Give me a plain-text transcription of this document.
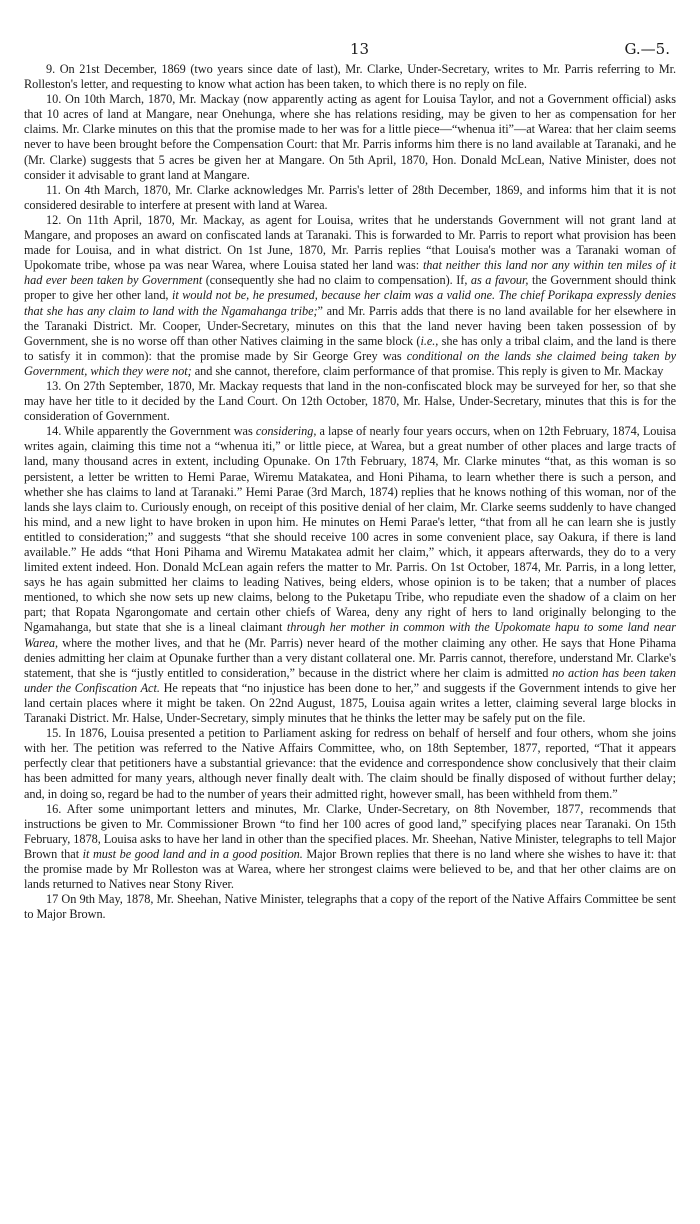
13	G.—5.

9. On 21st December, 1869 (two years since date of last), Mr. Clarke, Under-Secretary, writes to Mr. Parris referring to Mr. Rolleston's letter, and requesting to know what action has been taken, to which there is no reply on file.

10. On 10th March, 1870, Mr. Mackay (now apparently acting as agent for Louisa Taylor, and not a Government official) asks that 10 acres of land at Mangare, near Onehunga, where she has relations residing, may be given to her as compensation for her claims. Mr. Clarke minutes on this that the promise made to her was for a little piece—“whenua iti”—at Warea: that her claim seems never to have been brought before the Compensation Court: that Mr. Parris informs him there is no land available at Taranaki, and he (Mr. Clarke) suggests that 5 acres be given her at Mangare. On 5th April, 1870, Hon. Donald McLean, Native Minister, does not consider it advisable to grant land at Mangare.

11. On 4th March, 1870, Mr. Clarke acknowledges Mr. Parris's letter of 28th December, 1869, and informs him that it is not considered desirable to interfere at present with land at Warea.

12. On 11th April, 1870, Mr. Mackay, as agent for Louisa, writes that he understands Government will not grant land at Mangare, and proposes an award on confiscated lands at Taranaki. This is forwarded to Mr. Parris to report what provision has been made for Louisa, and in what district. On 1st June, 1870, Mr. Parris replies “that Louisa's mother was a Taranaki woman of Upokomate tribe, whose pa was near Warea, where Louisa stated her land was: that neither this land nor any within ten miles of it had ever been taken by Government (consequently she had no claim to compensation). If, as a favour, the Government should think proper to give her other land, it would not be, he presumed, because her claim was a valid one. The chief Porikapa expressly denies that she has any claim to land with the Ngamahanga tribe;” and Mr. Parris adds that there is no land available for her elsewhere in the Taranaki District. Mr. Cooper, Under-Secretary, minutes on this that the land never having been taken possession of by Government, she is no worse off than other Natives claiming in the same block (i.e., she has only a tribal claim, and the land is there to satisfy it in common): that the promise made by Sir George Grey was conditional on the lands she claimed being taken by Government, which they were not; and she cannot, therefore, claim performance of that promise. This reply is given to Mr. Mackay

13. On 27th September, 1870, Mr. Mackay requests that land in the non-confiscated block may be surveyed for her, so that she may have her title to it decided by the Land Court. On 12th October, 1870, Mr. Halse, Under-Secretary, minutes that this is for the consideration of Government.

14. While apparently the Government was considering, a lapse of nearly four years occurs, when on 12th February, 1874, Louisa writes again, claiming this time not a “whenua iti,” or little piece, at Warea, but a great number of other places and large tracts of land, many thousand acres in extent, including Opunake. On 17th February, 1874, Mr. Clarke minutes “that, as this woman is so persistent, a letter be written to Hemi Parae, Wiremu Matakatea, and Honi Pihama, to learn whether there is such a person, and whether she has claims to land at Taranaki.” Hemi Parae (3rd March, 1874) replies that he knows nothing of this woman, nor of the lands she lays claim to. Curiously enough, on receipt of this positive denial of her claim, Mr. Clarke seems suddenly to have changed his mind, and a new light to have broken in upon him. He minutes on Hemi Parae's letter, “that from all he can learn she is justly entitled to consideration;” and suggests “that she should receive 100 acres in some convenient place, say Oakura, if there is land available.” He adds “that Honi Pihama and Wiremu Matakatea admit her claim,” which, it appears afterwards, they do to a very limited extent indeed. Hon. Donald McLean again refers the matter to Mr. Parris. On 1st October, 1874, Mr. Parris, in a long letter, says he has again submitted her claims to leading Natives, being elders, whose opinion is to be taken; that a number of places mentioned, to which she now sets up new claims, belong to the Puketapu Tribe, who repudiate even the shadow of a claim on her part; that Ropata Ngarongomate and certain other chiefs of Warea, deny any right of hers to land originally belonging to the Ngamahanga, but state that she is a lineal claimant through her mother in common with the Upokomate hapu to some land near Warea, where the mother lives, and that he (Mr. Parris) never heard of the mother claiming any other. He says that Hone Pihama denies admitting her claim at Opunake further than a very distant collateral one. Mr. Parris cannot, therefore, understand Mr. Clarke's statement, that she is “justly entitled to consideration,” because in the district where her claim is admitted no action has been taken under the Confiscation Act. He repeats that “no injustice has been done to her,” and suggests if the Government intends to give her land certain places where it might be taken. On 22nd August, 1875, Louisa again writes a letter, claiming several large blocks in Taranaki District. Mr. Halse, Under-Secretary, simply minutes that he thinks the letter may be safely put on the file.

15. In 1876, Louisa presented a petition to Parliament asking for redress on behalf of herself and four others, whom she joins with her. The petition was referred to the Native Affairs Committee, who, on 18th September, 1877, reported, “That it appears perfectly clear that petitioners have a substantial grievance: that the evidence and correspondence show conclusively that their claim has been admitted for many years, although never finally dealt with. The claim should be finally disposed of without further delay; and, in doing so, regard be had to the number of years their admitted right, however small, has been withheld from them.”

16. After some unimportant letters and minutes, Mr. Clarke, Under-Secretary, on 8th November, 1877, recommends that instructions be given to Mr. Commissioner Brown “to find her 100 acres of good land,” specifying places near Taranaki. On 15th February, 1878, Louisa asks to have her land in other than the specified places. Mr. Sheehan, Native Minister, telegraphs to tell Major Brown that it must be good land and in a good position. Major Brown replies that there is no land where she wishes to have it: that the promise made by Mr Rolleston was at Warea, where her strongest claims were believed to be, and that her other claims are on lands returned to Natives near Stony River.

17 On 9th May, 1878, Mr. Sheehan, Native Minister, telegraphs that a copy of the report of the Native Affairs Committee be sent to Major Brown.
